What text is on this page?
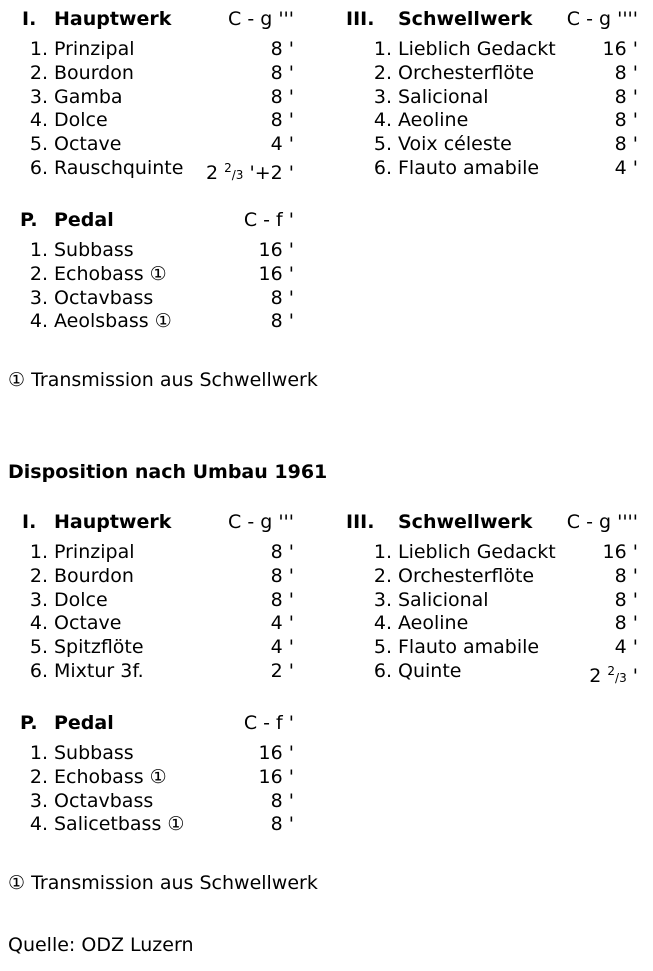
I. Hauptwerk	C - g '''
1. Prinzipal	8 '
2. Bourdon	8 '
3. Gamba	8 '
4. Dolce	8 '
5. Octave	4 '
6. Rauschquinte 2 $^2$/3 '+2 '
III. Schwellwerk C - g ''''
1. Lieblich Gedackt 16 '
2. Orchesterflöte	8 '
3. Salicional	8 '
4. Aeoline	8 '
5. Voix céleste	8 '
6. Flauto amabile	4 '
P. Pedal	C - f '
1. Subbass	16 '
2. Echobass ①	16 '
3. Octavbass	8 '
4. Aeolsbass ①	8 '
① Transmission aus Schwellwerk
Disposition nach Umbau 1961
I. Hauptwerk	C - g '''
1. Prinzipal	8 '
2. Bourdon	8 '
3. Dolce	8 '
4. Octave	4 '
5. Spitzflöte	4 '
6. Mixtur 3f.	2 '
III. Schwellwerk C - g ''''
1. Lieblich Gedackt 16 '
2. Orchesterflöte	8 '
3. Salicional	8 '
4. Aeoline	8 '
5. Flauto amabile	4 '
6. Quinte	2 $^2$/3 '
P. Pedal	C - f '
1. Subbass	16 '
2. Echobass ①	16 '
3. Octavbass	8 '
4. Salicetbass ①	8 '
① Transmission aus Schwellwerk
Quelle: ODZ Luzern
